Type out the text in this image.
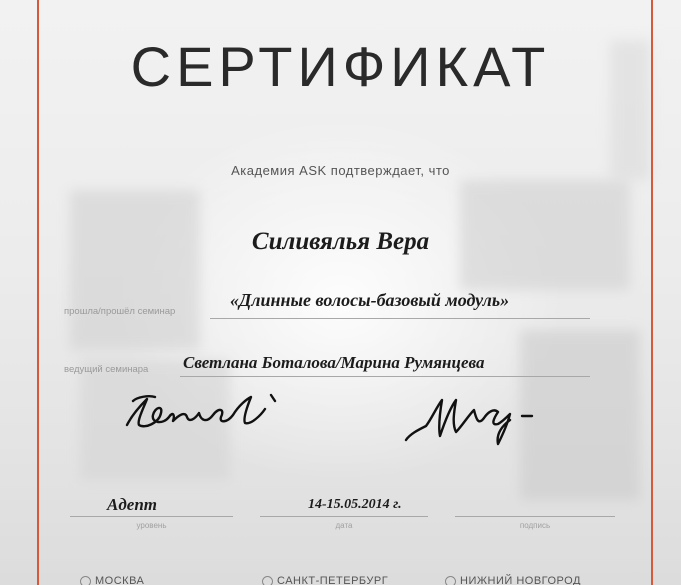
СЕРТИФИКАТ
Академия ASK подтверждает, что
Силивялья Вера
прошла/прошёл семинар
«Длинные волосы-базовый модуль»
ведущий семинара Светлана Боталова/Марина Румянцева
Адепт
уровень
14-15.05.2014 г.
дата	подпись
МОСКВА	САНКТ-ПЕТЕРБУРГ	НИЖНИЙ НОВГОРОД
